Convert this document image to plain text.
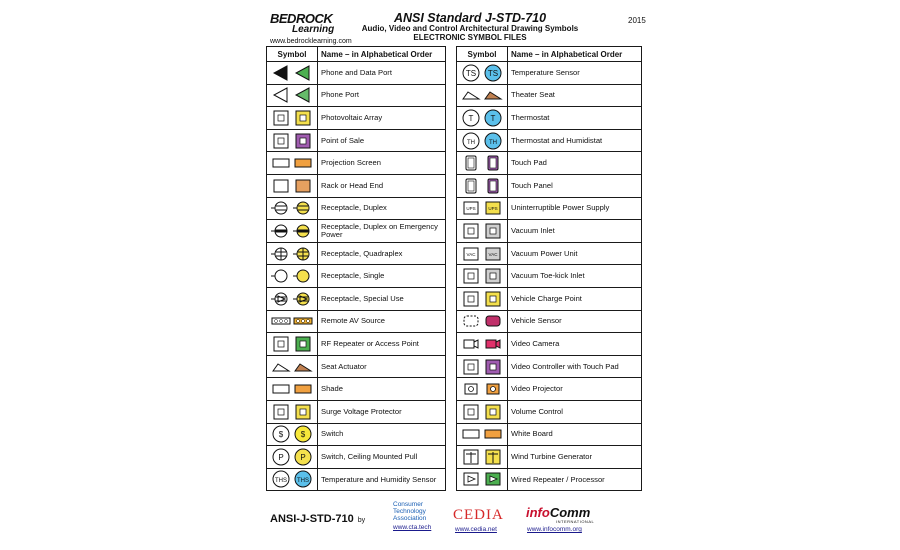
BEDROCK
Learning
www.bedrocklearning.com
ANSI Standard J-STD-710
Audio, Video and Control Architectural Drawing Symbols
ELECTRONIC SYMBOL FILES
2015
Symbol	Name – in Alphabetical Order

	Phone and Data Port

	Phone Port

	Photovoltaic Array

	Point of Sale

	Projection Screen

	Rack or Head End

	Receptacle, Duplex

	Receptacle, Duplex on Emergency Power

	Receptacle, Quadraplex

	Receptacle, Single

	Receptacle, Special Use

	Remote AV Source

	RF Repeater or Access Point

	Seat Actuator

	Shade

	Surge Voltage Protector

$ $	Switch

P P	Switch, Ceiling Mounted Pull

THS THS	Temperature and Humidity Sensor
Symbol	Name – in Alphabetical Order

TS TS	Temperature Sensor

	Theater Seat

T T	Thermostat

TH TH	Thermostat and Humidistat

	Touch Pad

	Touch Panel

UPS UPS	Uninterruptible Power Supply

	Vacuum Inlet

VAC VAC	Vacuum Power Unit

	Vacuum Toe-kick Inlet

	Vehicle Charge Point

	Vehicle Sensor

	Video Camera

	Video Controller with Touch Pad

	Video Projector

	Volume Control

	White Board

	Wind Turbine Generator

	Wired Repeater / Processor
ANSI-J-STD-710 by
Consumer
Technology
Association
www.cta.tech
CEDIA
www.cedia.net
infoComm
INTERNATIONAL
www.infocomm.org
